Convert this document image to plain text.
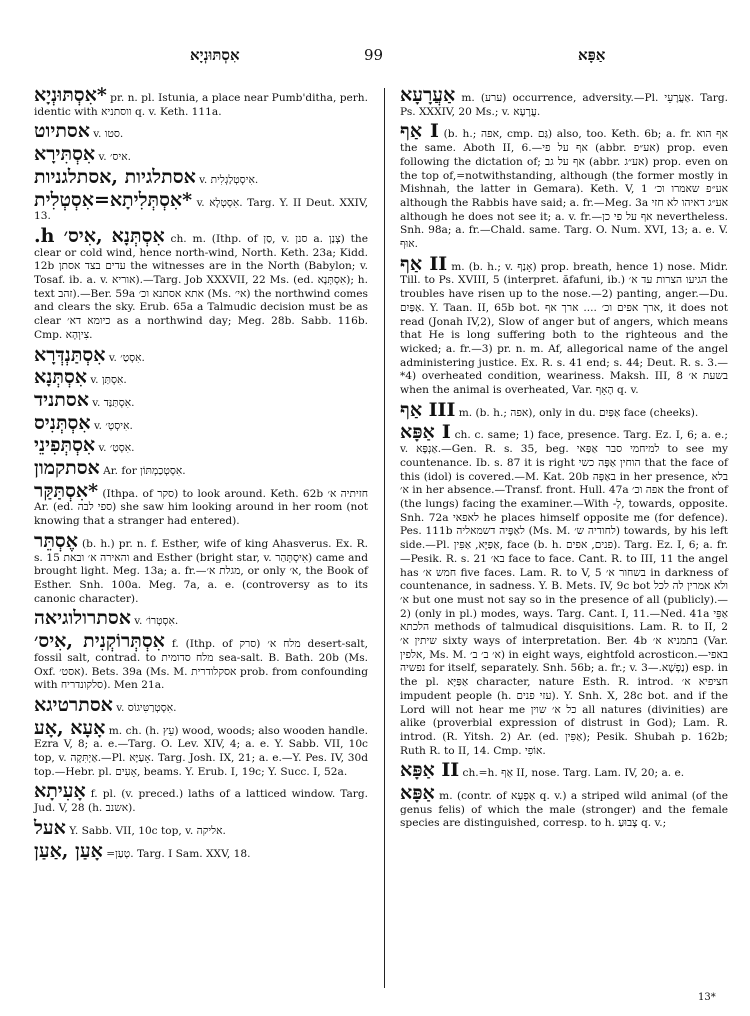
אִסְתּוּנְיָא	99	אַפָּא
*אִסְתּוּנְיָא pr. n. pl. Istunia, a place near Pumb'ditha, perh. identic with ווסתניא q. v. Keth. 111a.
אסתיוט v. סטו.
אִסְתִּירָא v. איס׳.
אסתלגיות ,אסתלגניות v. אִיסְטְלַגְלִית.
*אִסְתְּלִיתָא=אִסְטְלִית v. אִסְטְלָא. Targ. Y. II Deut. XXIV, 13.
אִסְתְּנָא ,אִיס׳ h. ch. m. (Ithp. of סַן, v. סנן a. צְנַן) the clear or cold wind, hence north-wind, North. Keth. 23a; Kidd. 12b עדים בצד אסתן the witnesses are in the North (Babylon; v. Tosaf. ib. a. v. אוריא).—Targ. Job XXXVII, 22 Ms. (ed. אִסְתְּנָא); h. text זהב).—Ber. 59a אתא אסתנא וכ׳ (Ms. אי׳) the northwind comes and clears the sky. Erub. 65a a Talmudic decision must be as clear כיומא דא׳ as a northwind day; Meg. 28b. Sabb. 116b. Cmp. צִיוְהָא.
אִסְתַּנְדְּרָא v. אִסְטַ׳.
אִסְתְּנָא v. אִסְתַּן.
אסתניד v. אִסְתַּנַּד.
אִסְתְּנִיס v. אִיסְטְ׳.
אִסְתְּפִינֵי v. אִסְטַ׳.
אסתקמון Ar. for אִסְטְכַמְתּוֹן.
*אִסְתַּקַּר (Ithpa. of סקר) to look around. Keth. 62b חזיתיה א׳ Ar. (ed. ספי לבה) she saw him looking around in her room (not knowing that a stranger had entered).
אֶסְתֵּר (b. h.) pr. n. f. Esther, wife of king Ahasverus. Ex. R. s. 15 והאירה א׳ ובאת and Esther (bright star, v. אִיסְתְּהַר) came and brought light. Meg. 13a; a. fr.—מגלת א׳, or only א׳, the Book of Esther. Snh. 100a. Meg. 7a, a. e. (controversy as to its canonic character).
אסתרולוגיאה v. אִסְטְרוֹ׳.
אִסְתְּרוֹקְנִית ,אִיס׳ f. (Ithp. of סרק) מלח א׳ desert-salt, fossil salt, contrad. to מלח סדומית sea-salt. B. Bath. 20b (Ms. Oxf. אסט׳). Bets. 39a (Ms. M. אסקלודרית prob. from confounding with סלקונדריח). Men 21a.
אסתרטיגא v. אִסְטְרַטִּיגוֹס.
אָעָא ,אָע m. ch. (h. עֵץ) wood, woods; also wooden handle. Ezra V, 8; a. e.—Targ. O. Lev. XIV, 4; a. e. Y. Sabb. VII, 10c top, v. אַיְתִּקָה.—Pl. אָעַיָּא. Targ. Josh. IX, 21; a. e.—Y. Pes. IV, 30d top.—Hebr. pl. אָעִים, beams. Y. Erub. I, 19c; Y. Succ. I, 52a.
אָעִיתָא f. pl. (v. preced.) laths of a latticed window. Targ. Jud. V, 28 (h. אשנב).
אעל Y. Sabb. VII, 10c top, v. אליקה.
אָעַן ,אַעַן =טְעַן. Targ. I Sam. XXV, 18.
אַעֲרָעָא m. (ערע) occurrence, adversity.—Pl. אַעֲרָעֵי. Targ. Ps. XXXIV, 20 Ms.; v. עֲרָעָא.
I אַף (b. h.; אפה, cmp. גַּם) also, too. Keth. 6b; a. fr. אף הוא the same. Aboth II, 6.—אף על פי (abbr. אע״פ) prop. even following the dictation of; אף על גב (abbr. אע״ג) prop. even on the top of,=notwithstanding, although (the former mostly in Mishnah, the latter in Gemara). Keth. V, 1 אע״פ שאמרו וכ׳ although the Rabbis have said; a. fr.—Meg. 3a אע״ג דאיהו לא חזי although he does not see it; a. v. fr.—אף על פי כן nevertheless. Snh. 98a; a. fr.—Chald. same. Targ. O. Num. XVI, 13; a. e. V. אוּף.
II אַף m. (b. h.; v. אָנַף) prop. breath, hence 1) nose. Midr. Till. to Ps. XVIII, 5 (interpret. ăfafuni, ib.) הגיעו הצרות עד א׳ the troubles have risen up to the nose.—2) panting, anger.—Du. אַפַּיִם. Y. Taan. II, 65b bot. ארך אפים וכ׳ .... ארך אף, it does not read (Jonah IV,2), Slow of anger but of angers, which means that He is long suffering both to the righteous and the wicked; a. fr.—3) pr. n. m. Af, allegorical name of the angel administering justice. Ex. R. s. 41 end; s. 44; Deut. R. s. 3.—*4) overheated condition, weariness. Maksh. III, 8 בשעת א׳ when the animal is overheated, Var. הָאָף q. v.
III אַף m. (b. h.; אפה), only in du. אַפַּיִם face (cheeks).
I אַפָּא ch. c. same; 1) face, presence. Targ. Ez. I, 6; a. e.; v. אַנְפָּא.—Gen. R. s. 35, beg. למיחמי סבר אַפַּאי to see my countenance. Ib. s. 87 it is right הוחין אַפָּה כשי that the face of this (idol) is covered.—M. Kat. 20b באַפָּה in her presence, בלא א׳ in her absence.—Transf. front. Hull. 47a אפה וכ׳ the front of (the lungs) facing the examiner.—With -לְ, towards, opposite. Snh. 72a לאפאי he places himself opposite me (for defence). Pes. 111b לאַפָּיה דשמאליה (Ms. M. לחודיה ש׳) towards, by his left side.—Pl. אַפַּיָּא, אַפִּין, face (b. h. פנים, אפים). Targ. Ez. I, 6; a. fr.—Pesik. R. s. 21 בא׳ face to face. Cant. R. to III, 11 the angel has חמש א׳ five faces. Lam. R. to V, 5 בשחור א׳ in darkness of countenance, in sadness. Y. B. Mets. IV, 9c bot ולא אמרין לה לכל א׳ but one must not say so in the presence of all (publicly).—2) (only in pl.) modes, ways. Targ. Cant. I, 11.—Ned. 41a אַפֵּי הלכתא methods of talmudical disquisitions. Lam. R. to II, 2 שיתין א׳ sixty ways of interpretation. Ber. 4b בתמניא א׳ (Var. אלפין, Ms. M. א׳ ב׳ ב׳) in eight ways, eightfold acrosticon.—באפי נפשיה for itself, separately. Snh. 56b; a. fr.; v. נַפְשָׁא.—3) esp. in the pl. אַפַּיָּא character, nature Esth. R. introd. חציפיא א׳ impudent people (h. עזי פנים). Y. Snh. X, 28c bot. and if the Lord will not hear me כל א׳ שוין all natures (divinities) are alike (proverbial expression of distrust in God); Lam. R. introd. (R. Yitsh. 2) Ar. (ed. אַפִּין); Pesik. Shubah p. 162b; Ruth R. to II, 14. Cmp. אוֹפִי.
II אַפָּא ch.=h. אַף II, nose. Targ. Lam. IV, 20; a. e.
אַפָּא m. (contr. of אַפְעָא q. v.) a striped wild animal (of the genus felis) of which the male (stronger) and the female species are distinguished, corresp. to h. צָבוּעַ q. v.;
13*
